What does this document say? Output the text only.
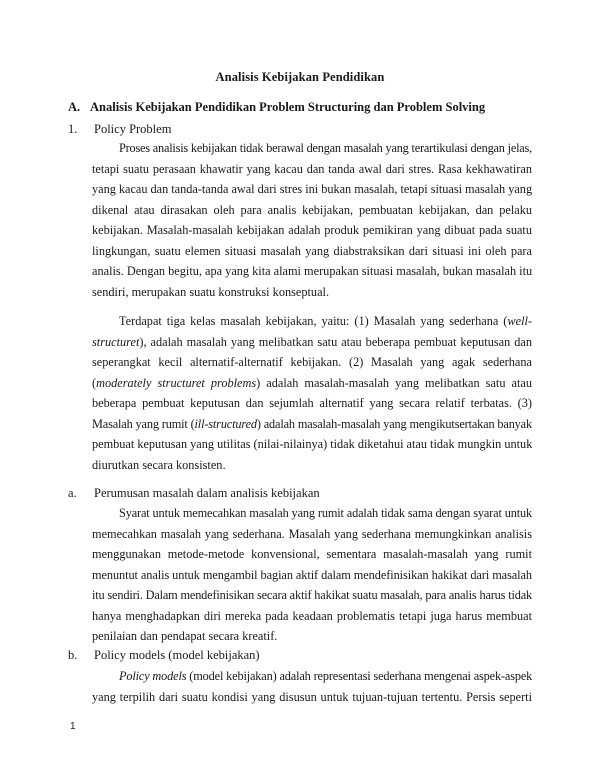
Analisis Kebijakan Pendidikan
A. Analisis Kebijakan Pendidikan Problem Structuring dan Problem Solving
1. Policy Problem

Proses analisis kebijakan tidak berawal dengan masalah yang terartikulasi dengan jelas,
tetapi suatu perasaan khawatir yang kacau dan tanda awal dari stres. Rasa kekhawatiran
yang kacau dan tanda-tanda awal dari stres ini bukan masalah, tetapi situasi masalah yang
dikenal atau dirasakan oleh para analis kebijakan, pembuatan kebijakan, dan pelaku
kebijakan. Masalah-masalah kebijakan adalah produk pemikiran yang dibuat pada suatu
lingkungan, suatu elemen situasi masalah yang diabstraksikan dari situasi ini oleh para
analis. Dengan begitu, apa yang kita alami merupakan situasi masalah, bukan masalah itu
sendiri, merupakan suatu konstruksi konseptual.

Terdapat tiga kelas masalah kebijakan, yaitu: (1) Masalah yang sederhana (well-
structuret), adalah masalah yang melibatkan satu atau beberapa pembuat keputusan dan
seperangkat kecil alternatif-alternatif kebijakan. (2) Masalah yang agak sederhana
(moderately structuret problems) adalah masalah-masalah yang melibatkan satu atau
beberapa pembuat keputusan dan sejumlah alternatif yang secara relatif terbatas. (3)
Masalah yang rumit (ill-structured) adalah masalah-masalah yang mengikutsertakan banyak
pembuat keputusan yang utilitas (nilai-nilainya) tidak diketahui atau tidak mungkin untuk
diurutkan secara konsisten.

a. Perumusan masalah dalam analisis kebijakan

Syarat untuk memecahkan masalah yang rumit adalah tidak sama dengan syarat untuk
memecahkan masalah yang sederhana. Masalah yang sederhana memungkinkan analisis
menggunakan metode-metode konvensional, sementara masalah-masalah yang rumit
menuntut analis untuk mengambil bagian aktif dalam mendefinisikan hakikat dari masalah
itu sendiri. Dalam mendefinisikan secara aktif hakikat suatu masalah, para analis harus tidak
hanya menghadapkan diri mereka pada keadaan problematis tetapi juga harus membuat
penilaian dan pendapat secara kreatif.

b. Policy models (model kebijakan)

Policy models (model kebijakan) adalah representasi sederhana mengenai aspek-aspek
yang terpilih dari suatu kondisi yang disusun untuk tujuan-tujuan tertentu. Persis seperti

1
